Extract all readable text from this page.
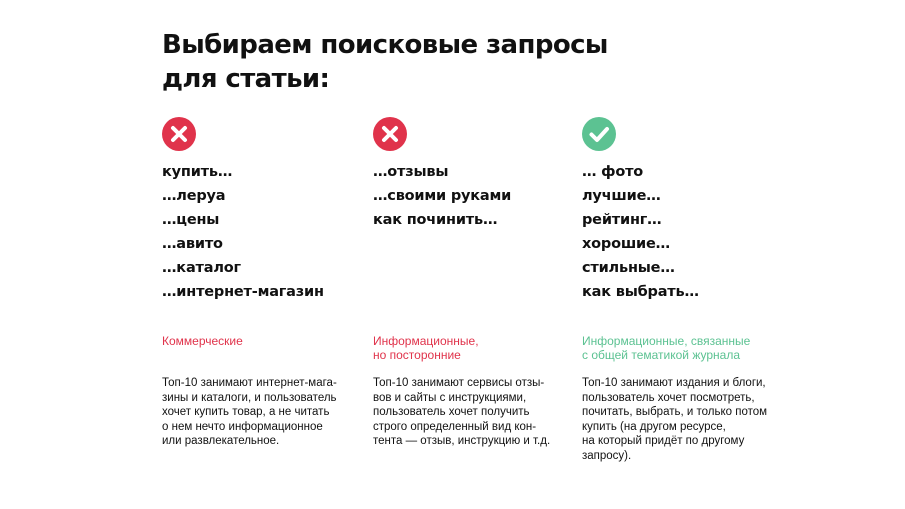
Выбираем поисковые запросы
для статьи:
купить…
…леруа
…цены
…авито
…каталог
…интернет-магазин
Коммерческие
Топ-10 занимают интернет-мага-
зины и каталоги, и пользователь
хочет купить товар, а не читать
о нем нечто информационное
или развлекательное.
…отзывы
…своими руками
как починить…
Информационные,
но посторонние
Топ-10 занимают сервисы отзы-
вов и сайты с инструкциями,
пользователь хочет получить
строго определенный вид кон-
тента — отзыв, инструкцию и т.д.
… фото
лучшие…
рейтинг…
хорошие…
стильные…
как выбрать…
Информационные, связанные
с общей тематикой журнала
Топ-10 занимают издания и блоги,
пользователь хочет посмотреть,
почитать, выбрать, и только потом
купить (на другом ресурсе,
на который придёт по другому
запросу).
